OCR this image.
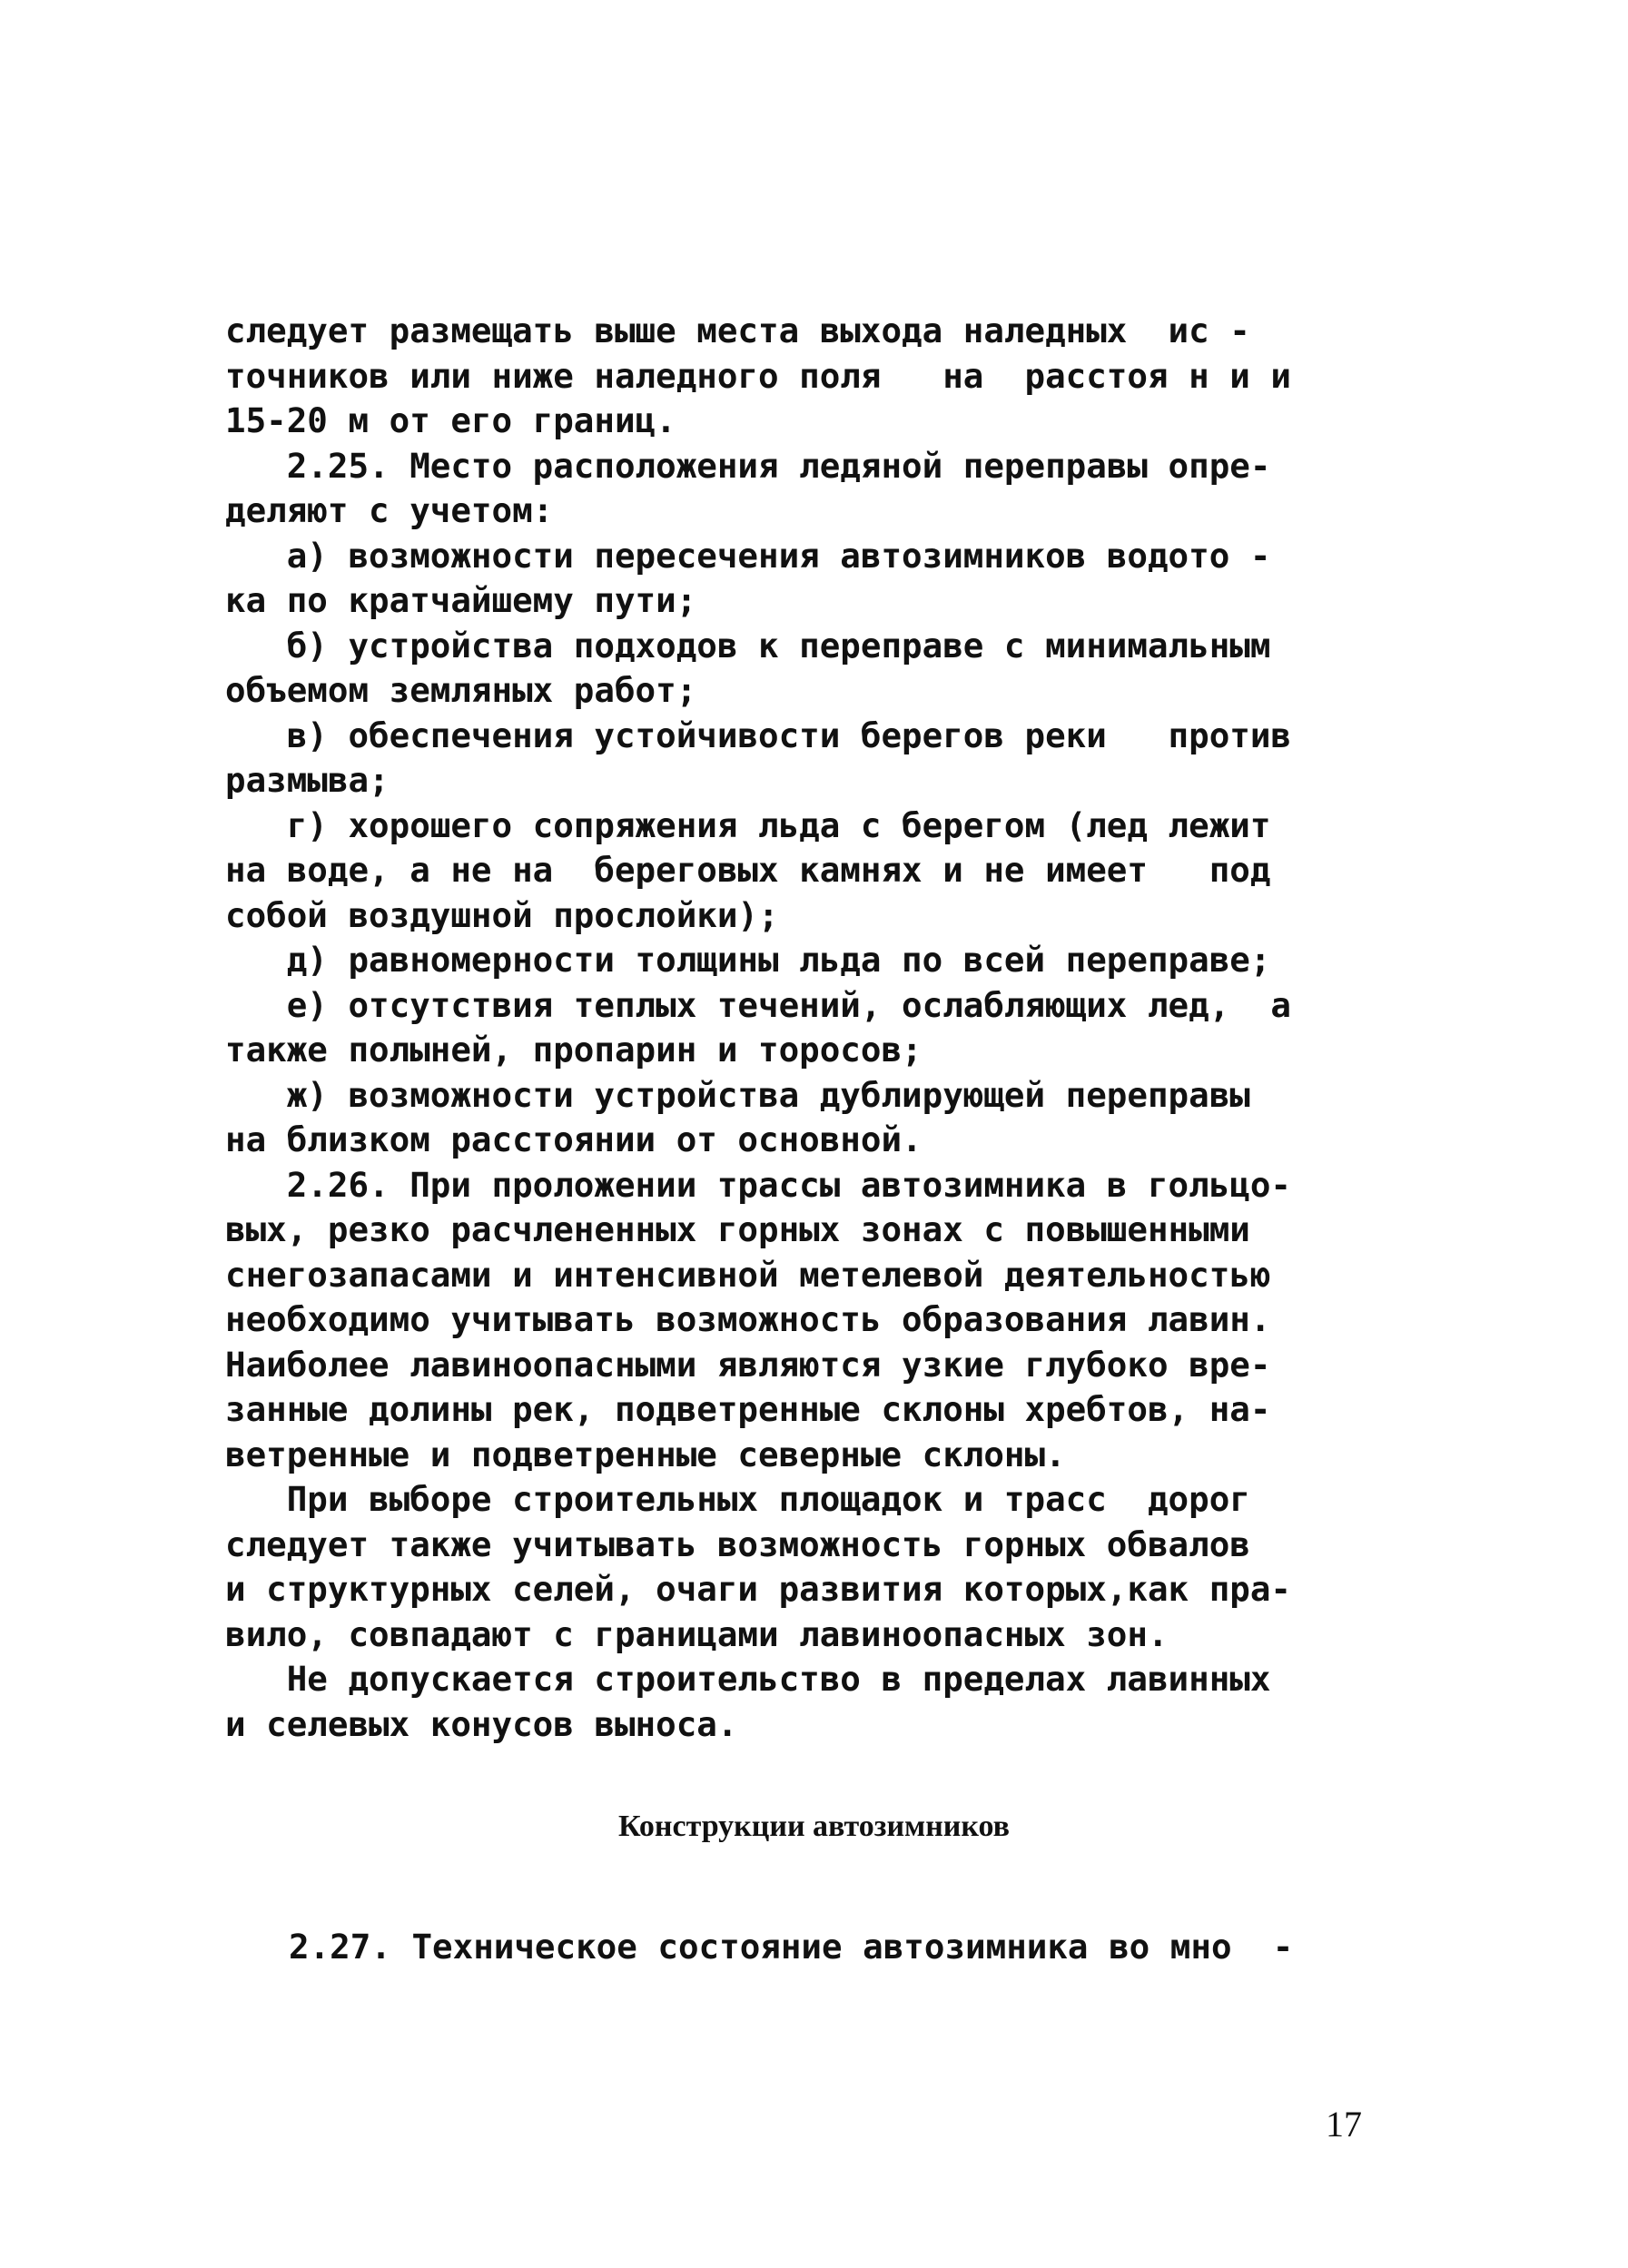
следует размещать выше места выхода наледных  ис -
точников или ниже наледного поля   на  расстоя н и и
15-20 м от его границ.
2.25. Место расположения ледяной переправы опре-
деляют с учетом:
а) возможности пересечения автозимников водото -
ка по кратчайшему пути;
б) устройства подходов к переправе с минимальным
объемом земляных работ;
в) обеспечения устойчивости берегов реки   против
размыва;
г) хорошего сопряжения льда с берегом (лед лежит
на воде, а не на  береговых камнях и не имеет   под
собой воздушной прослойки);
д) равномерности толщины льда по всей переправе;
е) отсутствия теплых течений, ослабляющих лед,  а
также полыней, пропарин и торосов;
ж) возможности устройства дублирующей переправы
на близком расстоянии от основной.
2.26. При проложении трассы автозимника в гольцо-
вых, резко расчлененных горных зонах с повышенными
снегозапасами и интенсивной метелевой деятельностью
необходимо учитывать возможность образования лавин.
Наиболее лавиноопасными являются узкие глубоко вре-
занные долины рек, подветренные склоны хребтов, на-
ветренные и подветренные северные склоны.
При выборе строительных площадок и трасс  дорог
следует также учитывать возможность горных обвалов
и структурных селей, очаги развития которых,как пра-
вило, совпадают с границами лавиноопасных зон.
Не допускается строительство в пределах лавинных
и селевых конусов выноса.
Конструкции автозимников
2.27. Техническое состояние автозимника во мно  -
17
